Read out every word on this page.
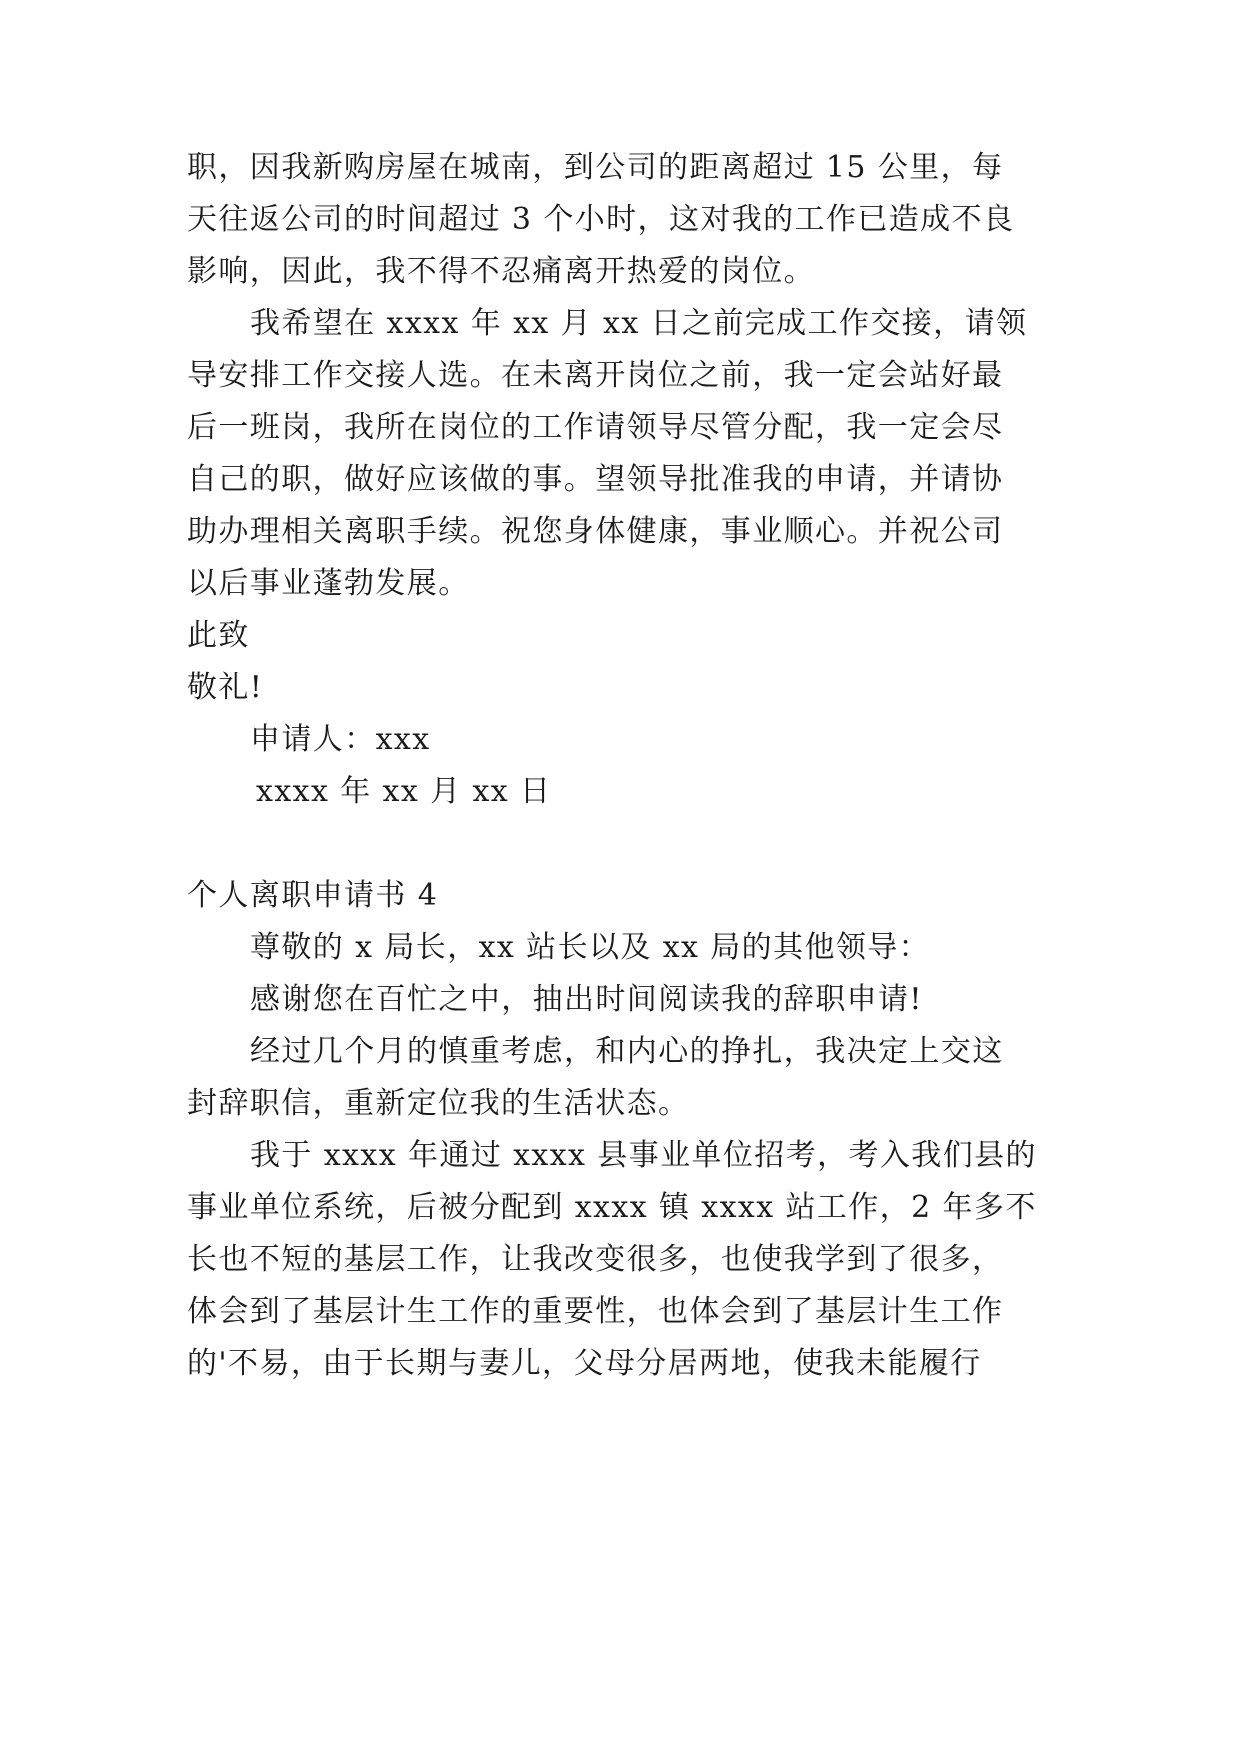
职，因我新购房屋在城南，到公司的距离超过 15 公里，每
天往返公司的时间超过 3 个小时，这对我的工作已造成不良
影响，因此，我不得不忍痛离开热爱的岗位。
我希望在 xxxx 年 xx 月 xx 日之前完成工作交接，请领
导安排工作交接人选。在未离开岗位之前，我一定会站好最
后一班岗，我所在岗位的工作请领导尽管分配，我一定会尽
自己的职，做好应该做的事。望领导批准我的申请，并请协
助办理相关离职手续。祝您身体健康，事业顺心。并祝公司
以后事业蓬勃发展。
此致
敬礼!
申请人：xxx
xxxx 年 xx 月 xx 日
个人离职申请书 4
尊敬的 x 局长，xx 站长以及 xx 局的其他领导：
感谢您在百忙之中，抽出时间阅读我的辞职申请!
经过几个月的慎重考虑，和内心的挣扎，我决定上交这
封辞职信，重新定位我的生活状态。
我于 xxxx 年通过 xxxx 县事业单位招考，考入我们县的
事业单位系统，后被分配到 xxxx 镇 xxxx 站工作，2 年多不
长也不短的基层工作，让我改变很多，也使我学到了很多，
体会到了基层计生工作的重要性，也体会到了基层计生工作
的'不易，由于长期与妻儿，父母分居两地，使我未能履行
